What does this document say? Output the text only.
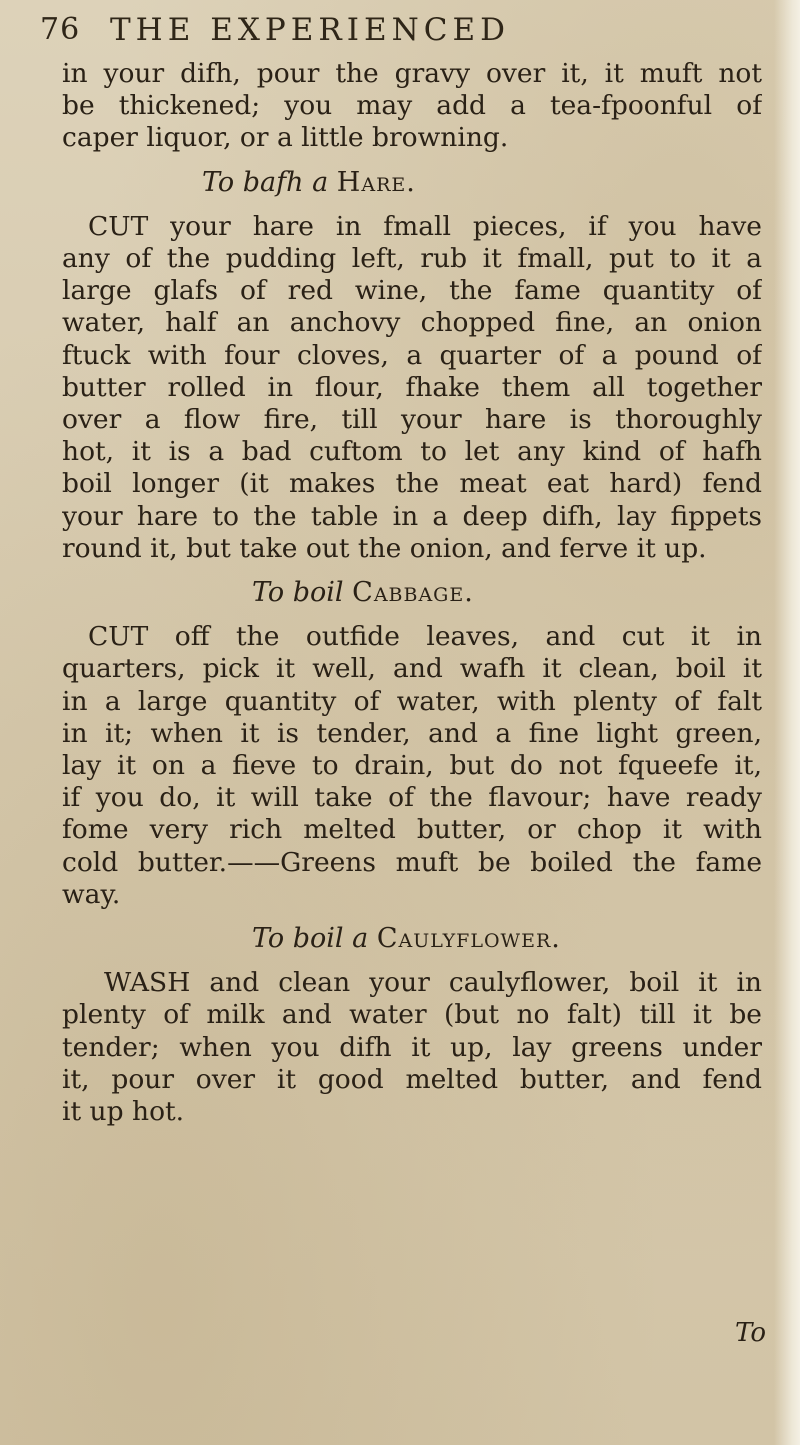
76 THE EXPERIENCED
in your difh, pour the gravy over it, it muft not
be thickened; you may add a tea-fpoonful of
caper liquor, or a little browning.
To bafh a Hare.
CUT your hare in fmall pieces, if you have
any of the pudding left, rub it fmall, put to it a
large glafs of red wine, the fame quantity of
water, half an anchovy chopped fine, an onion
ftuck with four cloves, a quarter of a pound of
butter rolled in flour, fhake them all together
over a flow fire, till your hare is thoroughly
hot, it is a bad cuftom to let any kind of hafh
boil longer (it makes the meat eat hard) fend
your hare to the table in a deep difh, lay fippets
round it, but take out the onion, and ferve it up.
To boil Cabbage.
CUT off the outfide leaves, and cut it in
quarters, pick it well, and wafh it clean, boil it
in a large quantity of water, with plenty of falt
in it; when it is tender, and a fine light green,
lay it on a fieve to drain, but do not fqueefe it,
if you do, it will take of the flavour; have ready
fome very rich melted butter, or chop it with
cold butter.——Greens muft be boiled the fame
way.
To boil a Caulyflower.
WASH and clean your caulyflower, boil it in
plenty of milk and water (but no falt) till it be
tender; when you difh it up, lay greens under
it, pour over it good melted butter, and fend
it up hot.
To
